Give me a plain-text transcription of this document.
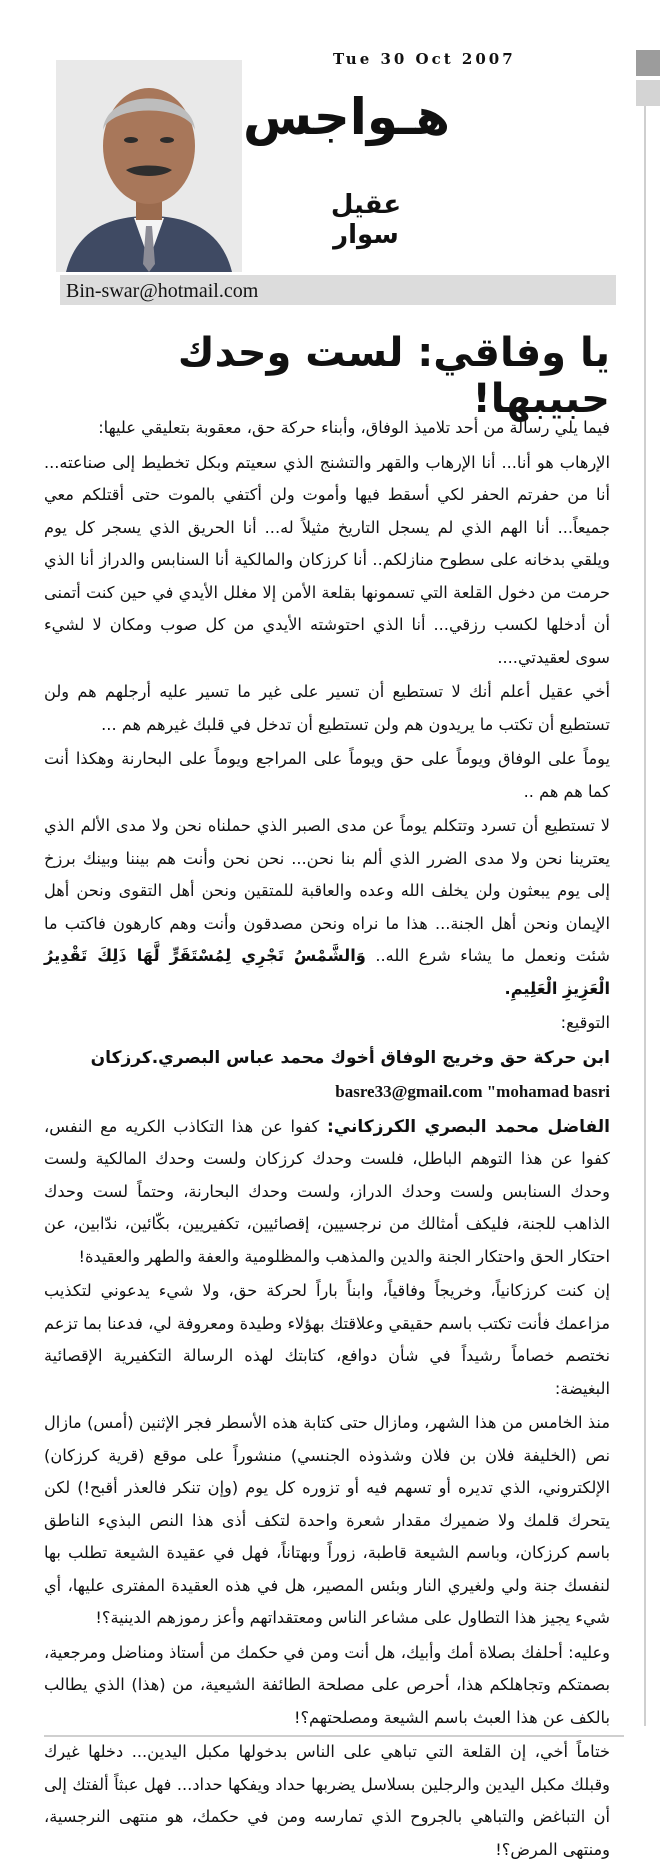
Tue 30 Oct 2007
هـواجس
عقيل سوار
Bin-swar@hotmail.com
يا وفاقي: لست وحدك حبيبها!

فيما يلي رسالة من أحد تلاميذ الوفاق، وأبناء حركة حق، معقوبة بتعليقي عليها:

الإرهاب هو أنا... أنا الإرهاب والقهر والتشنج الذي سعيتم وبكل تخطيط إلى صناعته... أنا من حفرتم الحفر لكي أسقط فيها وأموت ولن أكتفي بالموت حتى أقتلكم معي جميعاً... أنا الهم الذي لم يسجل التاريخ مثيلاً له... أنا الحريق الذي يسجر كل يوم ويلقي بدخانه على سطوح منازلكم.. أنا كرزكان والمالكية أنا السنابس والدراز أنا الذي حرمت من دخول القلعة التي تسمونها بقلعة الأمن إلا مغلل الأيدي في حين كنت أتمنى أن أدخلها لكسب رزقي... أنا الذي احتوشته الأيدي من كل صوب ومكان لا لشيء سوى لعقيدتي....

أخي عقيل أعلم أنك لا تستطيع أن تسير على غير ما تسير عليه أرجلهم هم ولن تستطيع أن تكتب ما يريدون هم ولن تستطيع أن تدخل في قلبك غيرهم هم ...

يوماً على الوفاق ويوماً على حق ويوماً على المراجع ويوماً على البحارنة وهكذا أنت كما هم هم ..

لا تستطيع أن تسرد وتتكلم يوماً عن مدى الصبر الذي حملناه نحن ولا مدى الألم الذي يعترينا نحن ولا مدى الضرر الذي ألم بنا نحن... نحن نحن وأنت هم بيننا وبينك برزخ إلى يوم يبعثون ولن يخلف الله وعده والعاقبة للمتقين ونحن أهل التقوى ونحن أهل الإيمان ونحن أهل الجنة... هذا ما نراه ونحن مصدقون وأنت وهم كارهون فاكتب ما شئت ونعمل ما يشاء شرع الله.. وَالشَّمْسُ تَجْرِي لِمُسْتَقَرٍّ لَّهَا ذَلِكَ تَقْدِيرُ الْعَزِيزِ الْعَلِيمِ.

التوقيع:

ابن حركة حق وخريج الوفاق أخوك محمد عباس البصري.كرزكان

basre33@gmail.com "mohamad basri

الفاضل محمد البصري الكرزكاني: كفوا عن هذا التكاذب الكريه مع النفس، كفوا عن هذا التوهم الباطل، فلست وحدك كرزكان ولست وحدك المالكية ولست وحدك السنابس ولست وحدك الدراز، ولست وحدك البحارنة، وحتماً لست وحدك الذاهب للجنة، فليكف أمثالك من نرجسيين، إقصائيين، تكفيريين، بكّائين، ندّابين، عن احتكار الحق واحتكار الجنة والدين والمذهب والمظلومية والعفة والطهر والعقيدة!

إن كنت كرزكانياً، وخريجاً وفاقياً، وابناً باراً لحركة حق، ولا شيء يدعوني لتكذيب مزاعمك فأنت تكتب باسم حقيقي وعلاقتك بهؤلاء وطيدة ومعروفة لي، فدعنا بما تزعم نختصم خصاماً رشيداً في شأن دوافع، كتابتك لهذه الرسالة التكفيرية الإقصائية البغيضة:

منذ الخامس من هذا الشهر، ومازال حتى كتابة هذه الأسطر فجر الإثنين (أمس) مازال نص (الخليفة فلان بن فلان وشذوذه الجنسي) منشوراً على موقع (قرية كرزكان) الإلكتروني، الذي تديره أو تسهم فيه أو تزوره كل يوم (وإن تنكر فالعذر أقبح!) لكن يتحرك قلمك ولا ضميرك مقدار شعرة واحدة لتكف أذى هذا النص البذيء الناطق باسم كرزكان، وباسم الشيعة قاطبة، زوراً وبهتاناً، فهل في عقيدة الشيعة تطلب بها لنفسك جنة ولي ولغيري النار وبئس المصير، هل في هذه العقيدة المفترى عليها، أي شيء يجيز هذا التطاول على مشاعر الناس ومعتقداتهم وأعز رموزهم الدينية؟!

وعليه: أحلفك بصلاة أمك وأبيك، هل أنت ومن في حكمك من أستاذ ومناضل ومرجعية، بصمتكم وتجاهلكم هذا، أحرص على مصلحة الطائفة الشيعية، من (هذا) الذي يطالب بالكف عن هذا العبث باسم الشيعة ومصلحتهم؟!

ختاماً أخي، إن القلعة التي تباهي على الناس بدخولها مكبل اليدين... دخلها غيرك وقبلك مكبل اليدين والرجلين بسلاسل يضربها حداد ويفكها حداد... فهل عبثاً ألفتك إلى أن التباغض والتباهي بالجروح الذي تمارسه ومن في حكمك، هو منتهى النرجسية، ومنتهى المرض؟!
